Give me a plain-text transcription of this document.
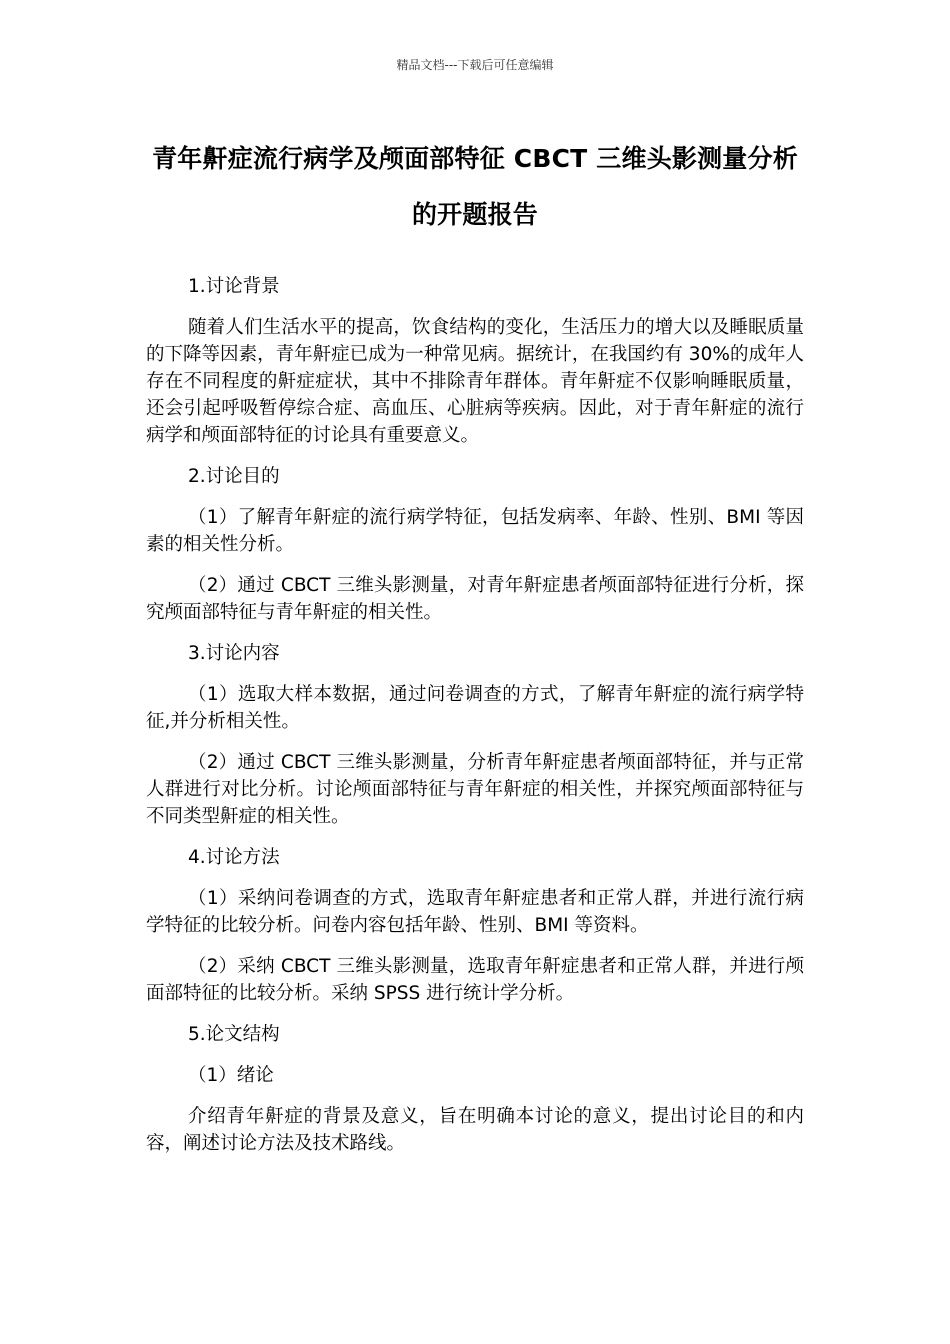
精品文档---下载后可任意编辑
青年鼾症流行病学及颅面部特征 CBCT 三维头影测量分析的开题报告

1.讨论背景

随着人们生活水平的提高，饮食结构的变化，生活压力的增大以及睡眠质量的下降等因素，青年鼾症已成为一种常见病。据统计，在我国约有 30%的成年人存在不同程度的鼾症症状，其中不排除青年群体。青年鼾症不仅影响睡眠质量，还会引起呼吸暂停综合症、高血压、心脏病等疾病。因此，对于青年鼾症的流行病学和颅面部特征的讨论具有重要意义。

2.讨论目的

（1）了解青年鼾症的流行病学特征，包括发病率、年龄、性别、BMI 等因素的相关性分析。

（2）通过 CBCT 三维头影测量，对青年鼾症患者颅面部特征进行分析，探究颅面部特征与青年鼾症的相关性。

3.讨论内容

（1）选取大样本数据，通过问卷调查的方式，了解青年鼾症的流行病学特征,并分析相关性。

（2）通过 CBCT 三维头影测量，分析青年鼾症患者颅面部特征，并与正常人群进行对比分析。讨论颅面部特征与青年鼾症的相关性，并探究颅面部特征与不同类型鼾症的相关性。

4.讨论方法

（1）采纳问卷调查的方式，选取青年鼾症患者和正常人群，并进行流行病学特征的比较分析。问卷内容包括年龄、性别、BMI 等资料。

（2）采纳 CBCT 三维头影测量，选取青年鼾症患者和正常人群，并进行颅面部特征的比较分析。采纳 SPSS 进行统计学分析。

5.论文结构

（1）绪论

介绍青年鼾症的背景及意义，旨在明确本讨论的意义，提出讨论目的和内容，阐述讨论方法及技术路线。
